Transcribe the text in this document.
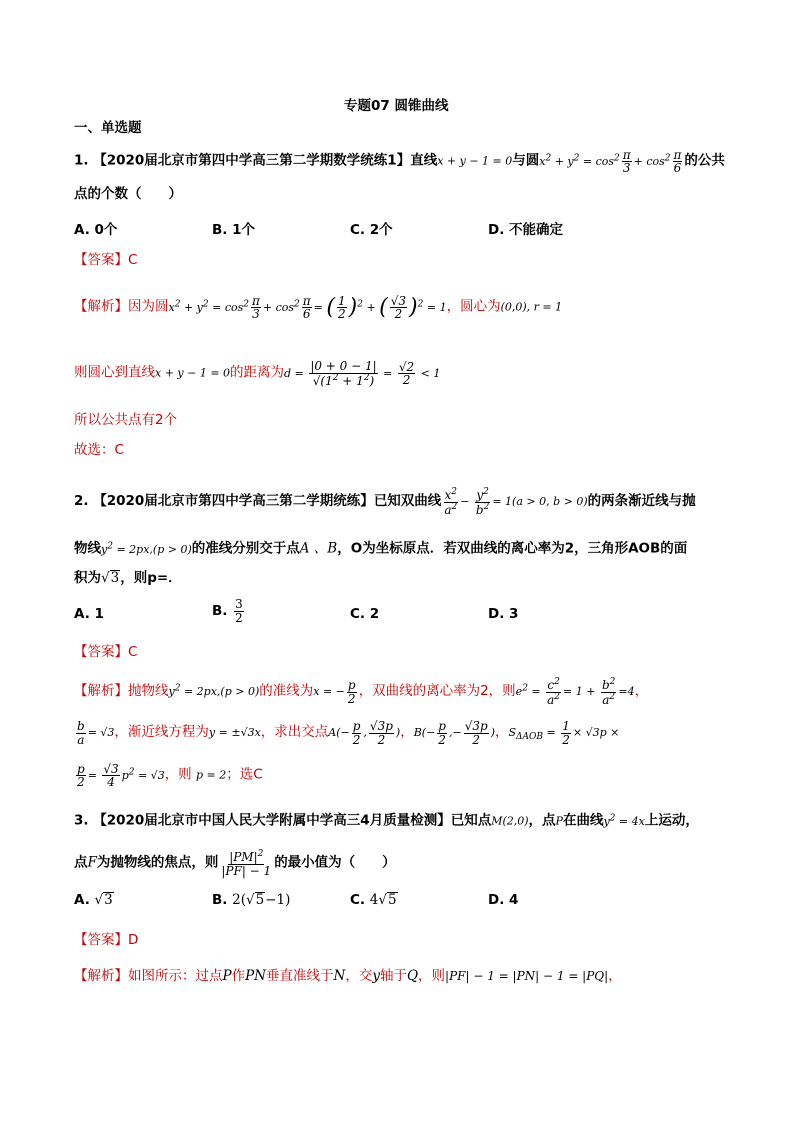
专题07 圆锥曲线
一、单选题
1. 【2020届北京市第四中学高三第二学期数学统练1】直线x + y − 1 = 0与圆$x^2 + y^2 = \cos^2 \frac{\pi}{3} + \cos^2 \frac{\pi}{6}$ 的公共
点的个数（　　）
A. 0个	B. 1个	C. 2个	D. 不能确定
【答案】C
【解析】因为圆$x^2 + y^2 = \cos^2 \frac{\pi}{3} + \cos^2 \frac{\pi}{6}$ = ( $\frac{1}{2} )^2$ + ( $\frac{√3}{2} )^2 = 1$，圆心为(0,0), r = 1
则圆心到直线x + y − 1 = 0的距离为$d = \frac{|0 + 0 - 1|}{√(1^2 + 1^2)} = \frac{√2}{2} < 1$
所以公共点有2个
故选：C
2. 【2020届北京市第四中学高三第二学期统练】已知双曲线 $\frac{x^2}{a^2} - \frac{y^2}{b^2} = 1(a > 0$, b > 0)的两条渐近线与抛
物线$y^2 = 2px,(p > 0)$的准线分别交于点A 、B，O为坐标原点．若双曲线的离心率为2，三角形AOB的面
积为√3，则p=．
A. 1	B. $\frac{3}{2}$	C. 2	D. 3
【答案】C
【解析】抛物线$y^2 = 2px,(p > 0)$的准线为x = − $\frac{p}{2}$ ，双曲线的离心率为2，则$e^2 = \frac{c^2}{a^2} = 1 + \frac{b^2}{a^2} =4$，
$\frac{b}{a} = √3$，渐近线方程为y = ±√3x，求出交点$A(- \frac{p}{2}$ , $\frac{√3p}{2}$ )，$B(- \frac{p}{2}$ ,− $\frac{√3p}{2}$ )，$S_{\Delta AOB} = \frac{1}{2} \times √3p$ ×
$\frac{p}{2} = \frac{√3}{4} p^2 = √3$，则 p = 2；选C
3. 【2020届北京市中国人民大学附属中学高三4月质量检测】已知点M(2,0)，点P在曲线$y^2 = 4x$上运动，
点F为抛物线的焦点，则 $\frac{|PM|^2}{|PF| - 1}$ 的最小值为（　　）
A. √3	B. 2(√5−1)	C. 4√5	D. 4
【答案】D
【解析】如图所示：过点P作PN垂直准线于N，交y轴于Q，则|PF| − 1 = |PN| − 1 = |PQ|，
